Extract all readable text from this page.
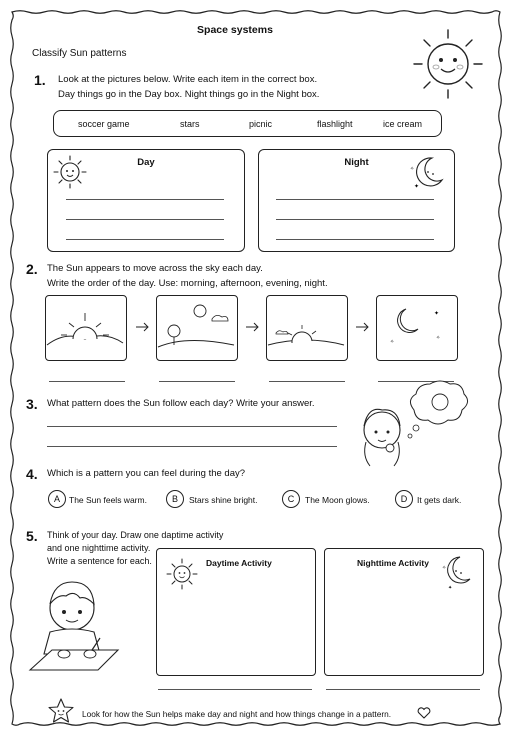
Space systems
Classify Sun patterns
1. Look at the pictures below. Write each item in the correct box.
Day things go in the Day box. Night things go in the Night box.
soccer game	stars	picnic	flashlight	ice cream
Day	Night
✦
✧
2. The Sun appears to move across the sky each day.
Write the order of the day. Use: morning, afternoon, evening, night.
✦
✧
✧
3. What pattern does the Sun follow each day? Write your answer.
4. Which is a pattern you can feel during the day?
A	The Sun feels warm.	B	Stars shine bright.	C	The Moon glows.	D	It gets dark.
5. Think of your day. Draw one daptime activity
and one nighttime activity.
Write a sentence for each.	Daytime Activity	Nighttime Activity	✧
✦
Look for how the Sun helps make day and night and how things change in a pattern.
